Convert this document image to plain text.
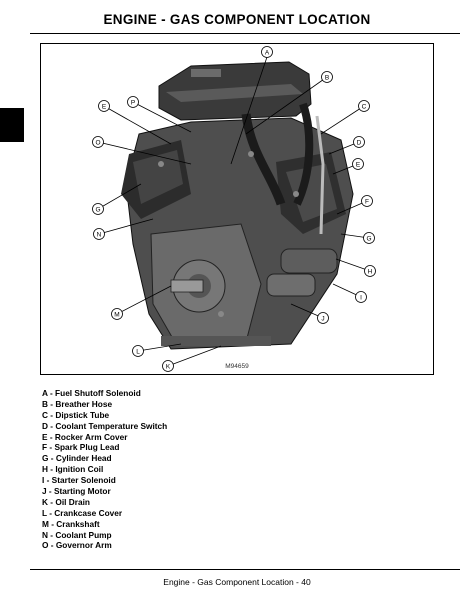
ENGINE - GAS COMPONENT LOCATION
A
B
C
D
E
F
G
H
I
J
K
L
M
N
O
P
E
G
M94659
A - Fuel Shutoff Solenoid
B - Breather Hose
C - Dipstick Tube
D - Coolant Temperature Switch
E - Rocker Arm Cover
F - Spark Plug Lead
G - Cylinder Head
H - Ignition Coil
I - Starter Solenoid
J - Starting Motor
K - Oil Drain
L - Crankcase Cover
M - Crankshaft
N - Coolant Pump
O - Governor Arm
Engine - Gas Component Location - 40
